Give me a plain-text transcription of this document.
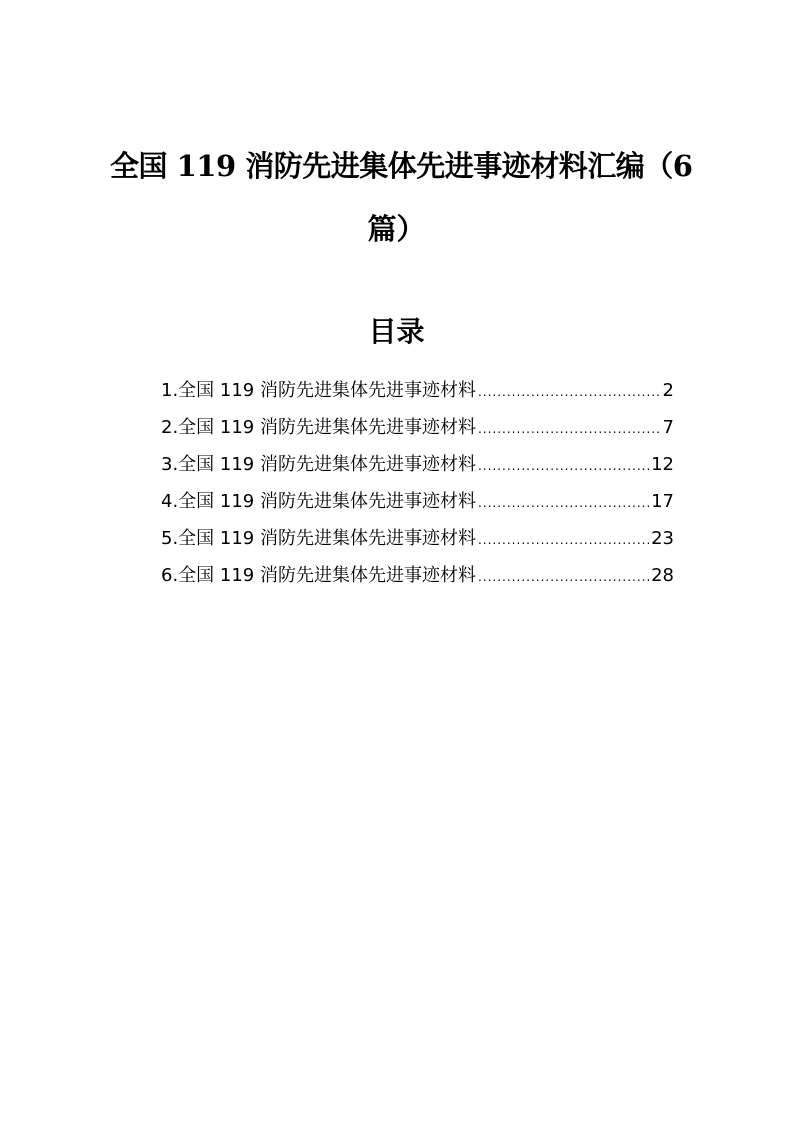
全国 119 消防先进集体先进事迹材料汇编（6
篇）
目录
1.全国 119 消防先进集体先进事迹材料 .....	2
2.全国 119 消防先进集体先进事迹材料 .....	7
3.全国 119 消防先进集体先进事迹材料 .....	12
4.全国 119 消防先进集体先进事迹材料 .....	17
5.全国 119 消防先进集体先进事迹材料 .....	23
6.全国 119 消防先进集体先进事迹材料 .....	28
